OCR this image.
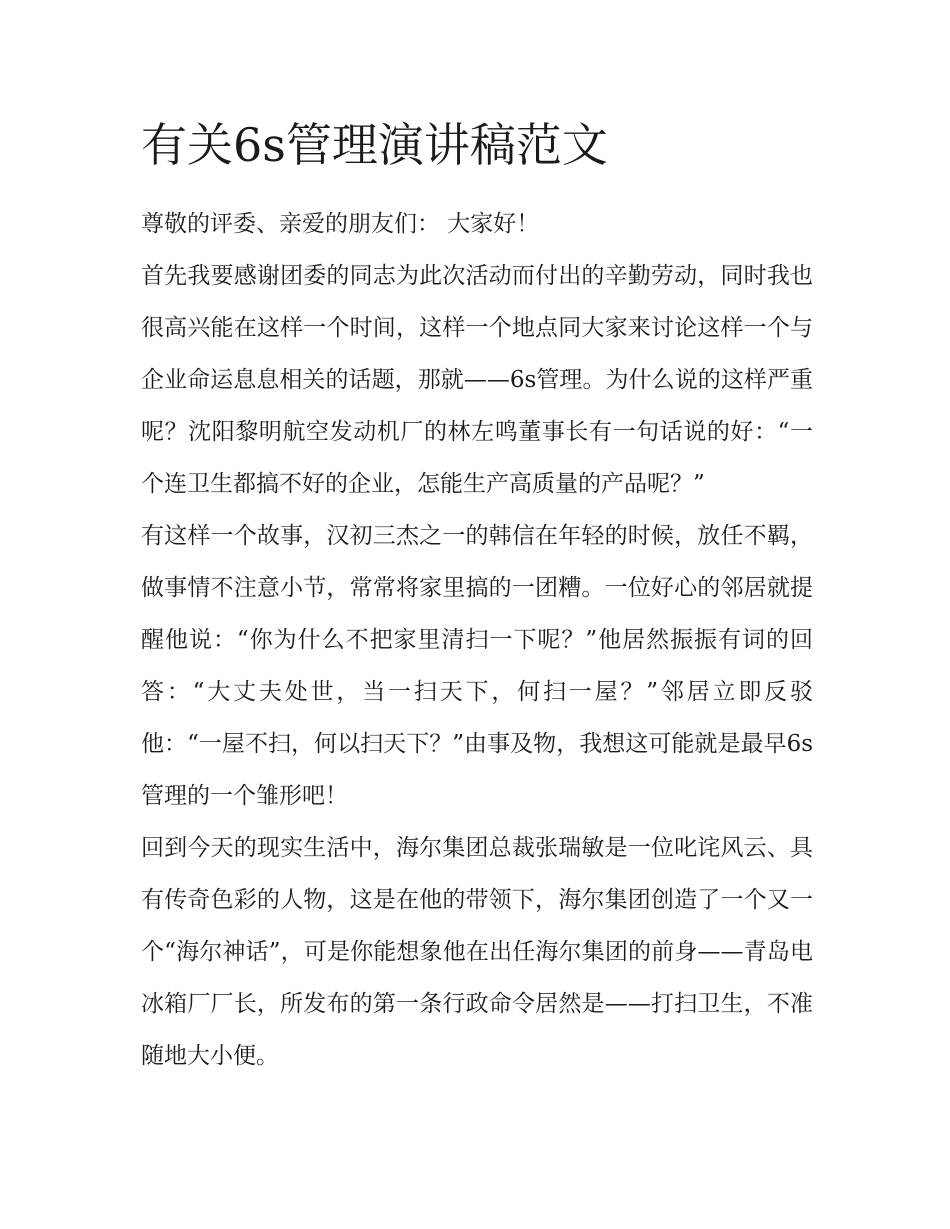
有关6s管理演讲稿范文

尊敬的评委、亲爱的朋友们： 大家好！

首先我要感谢团委的同志为此次活动而付出的辛勤劳动，同时我也很高兴能在这样一个时间，这样一个地点同大家来讨论这样一个与企业命运息息相关的话题，那就——6s管理。为什么说的这样严重呢？沈阳黎明航空发动机厂的林左鸣董事长有一句话说的好：“一个连卫生都搞不好的企业，怎能生产高质量的产品呢？”

有这样一个故事，汉初三杰之一的韩信在年轻的时候，放任不羁，做事情不注意小节，常常将家里搞的一团糟。一位好心的邻居就提醒他说：“你为什么不把家里清扫一下呢？”他居然振振有词的回答：“大丈夫处世，当一扫天下，何扫一屋？”邻居立即反驳他：“一屋不扫，何以扫天下？”由事及物，我想这可能就是最早6s管理的一个雏形吧！

回到今天的现实生活中，海尔集团总裁张瑞敏是一位叱诧风云、具有传奇色彩的人物，这是在他的带领下，海尔集团创造了一个又一个“海尔神话”，可是你能想象他在出任海尔集团的前身——青岛电冰箱厂厂长，所发布的第一条行政命令居然是——打扫卫生，不准随地大小便。
